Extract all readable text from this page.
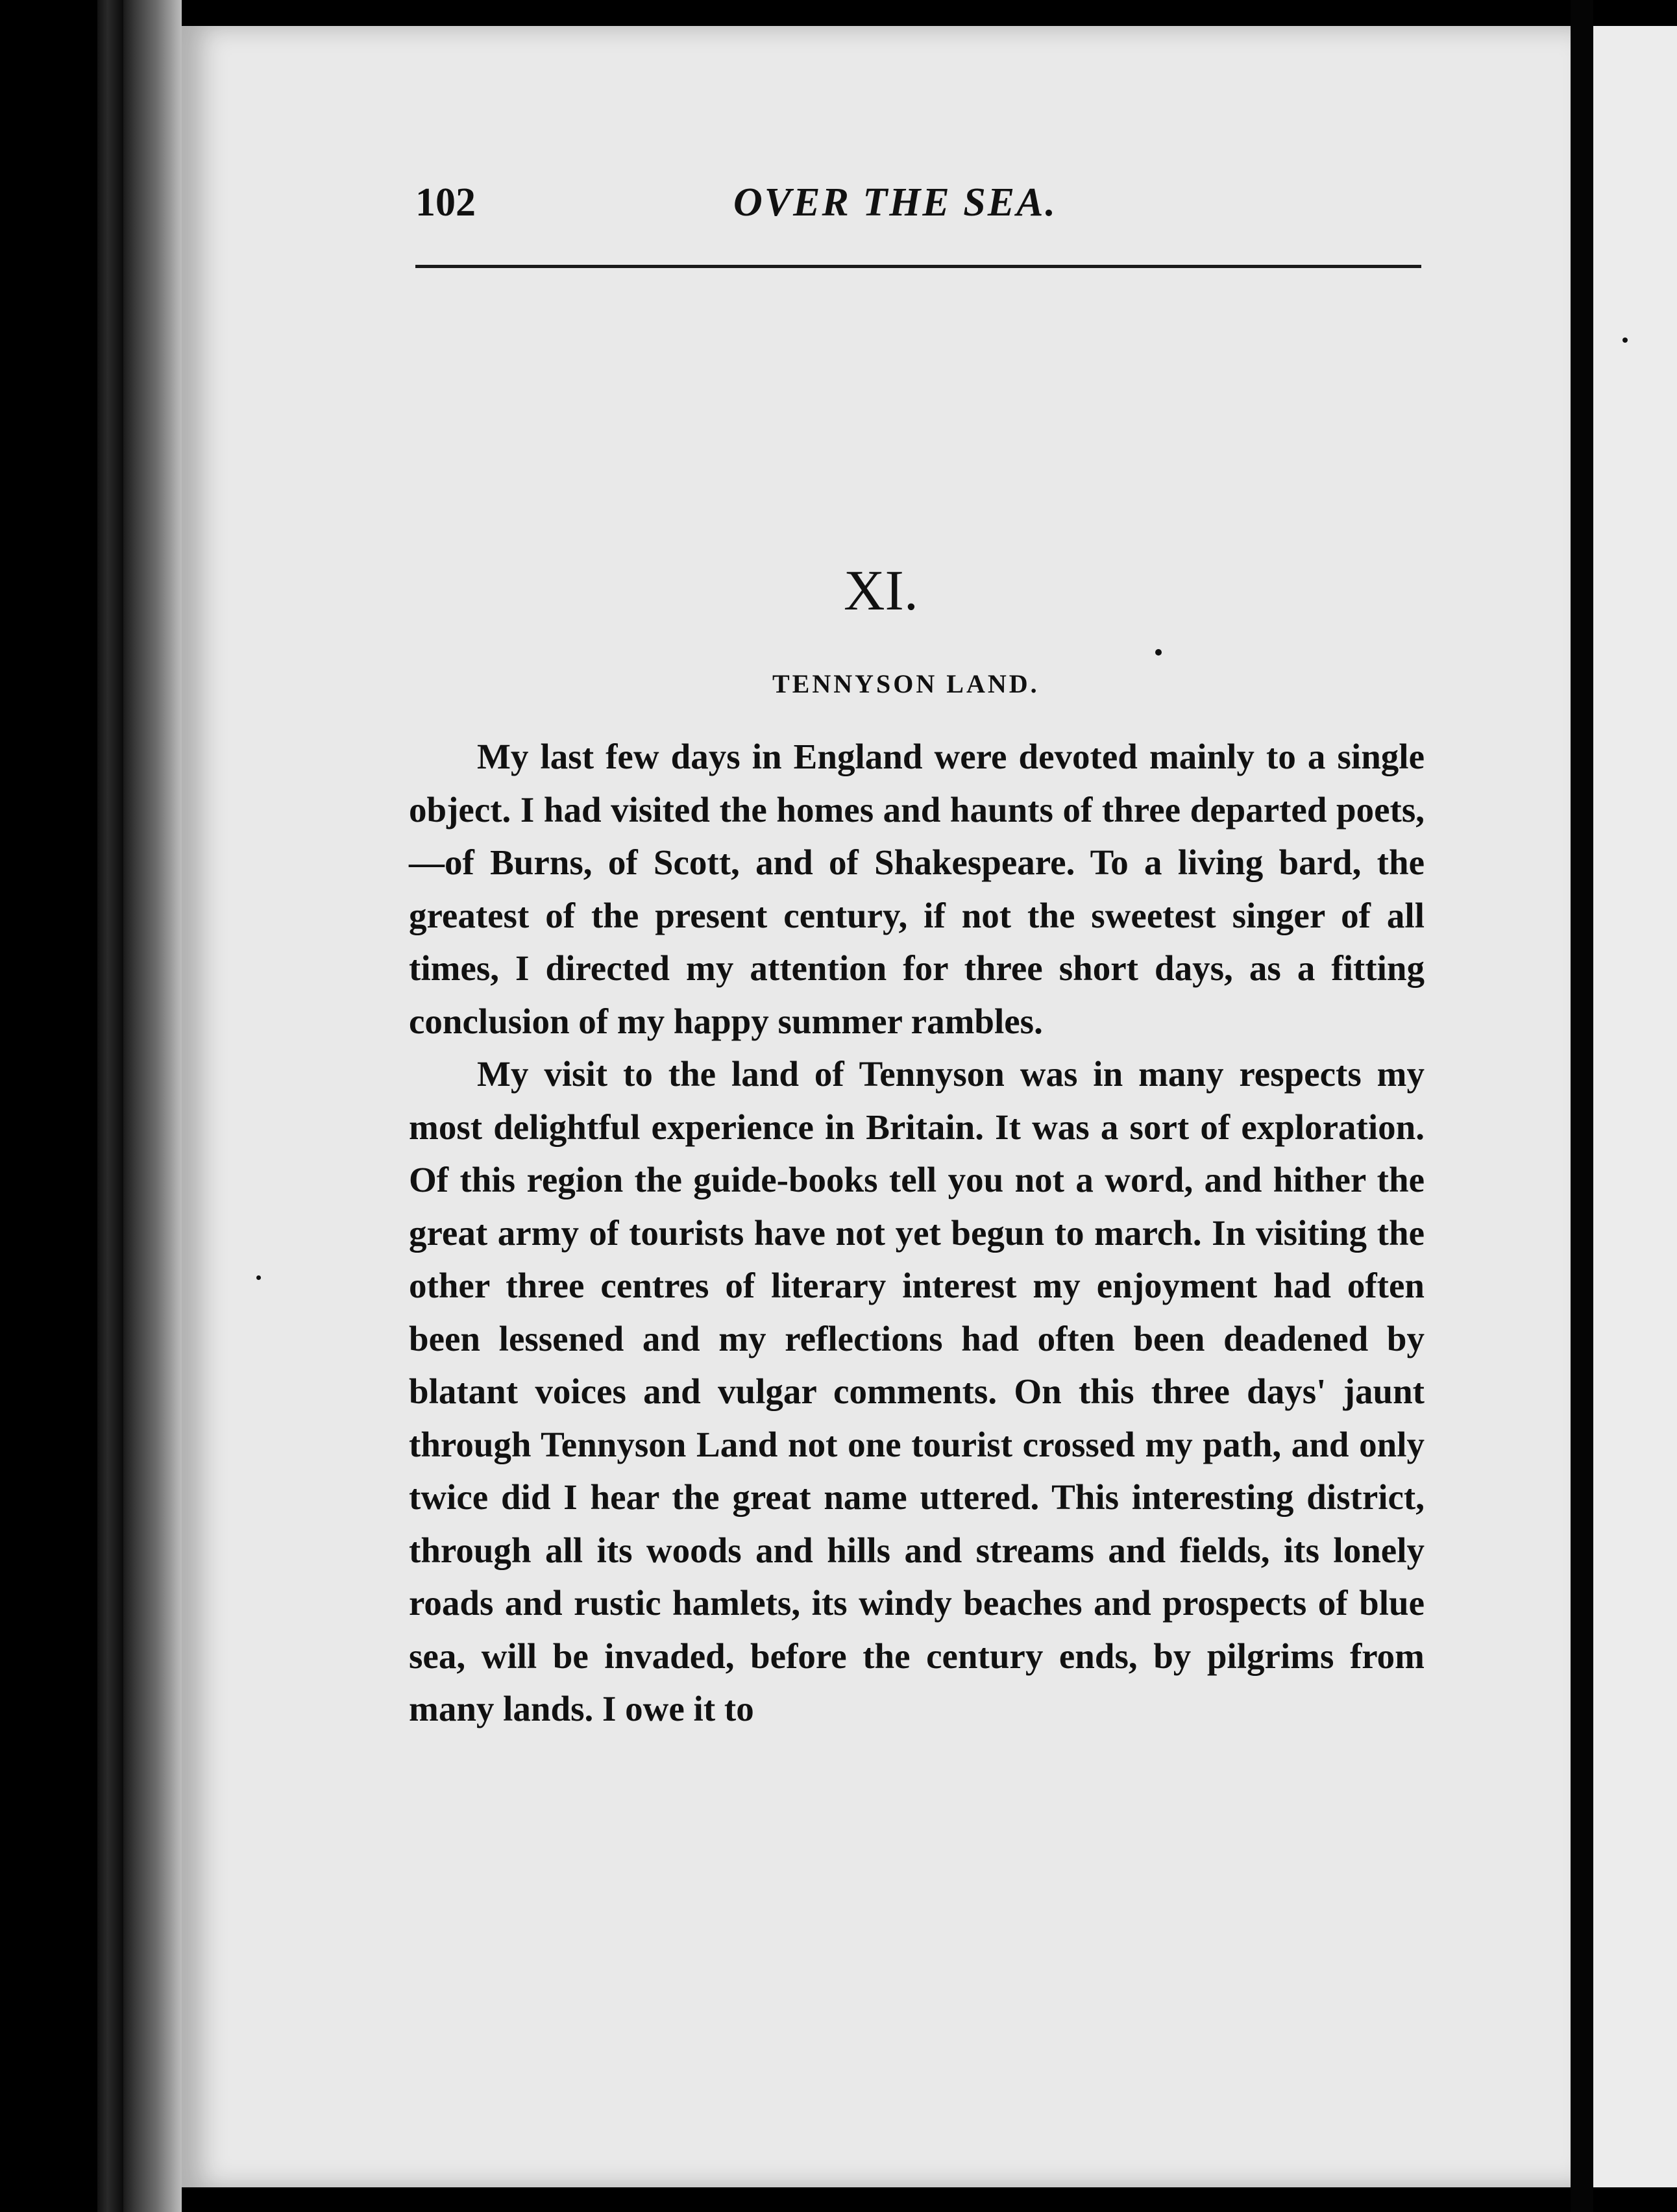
102	OVER THE SEA.
XI.
TENNYSON LAND.

My last few days in England were devoted mainly to a single object. I had visited the homes and haunts of three departed poets,—of Burns, of Scott, and of Shakespeare. To a living bard, the greatest of the present century, if not the sweetest singer of all times, I directed my attention for three short days, as a fitting conclusion of my happy summer rambles.

My visit to the land of Tennyson was in many respects my most delightful experience in Britain. It was a sort of exploration. Of this region the guide-books tell you not a word, and hither the great army of tourists have not yet begun to march. In visiting the other three centres of literary interest my enjoyment had often been lessened and my reflections had often been deadened by blatant voices and vulgar comments. On this three days' jaunt through Tennyson Land not one tourist crossed my path, and only twice did I hear the great name uttered. This interesting district, through all its woods and hills and streams and fields, its lonely roads and rustic hamlets, its windy beaches and prospects of blue sea, will be invaded, before the century ends, by pilgrims from many lands. I owe it to
